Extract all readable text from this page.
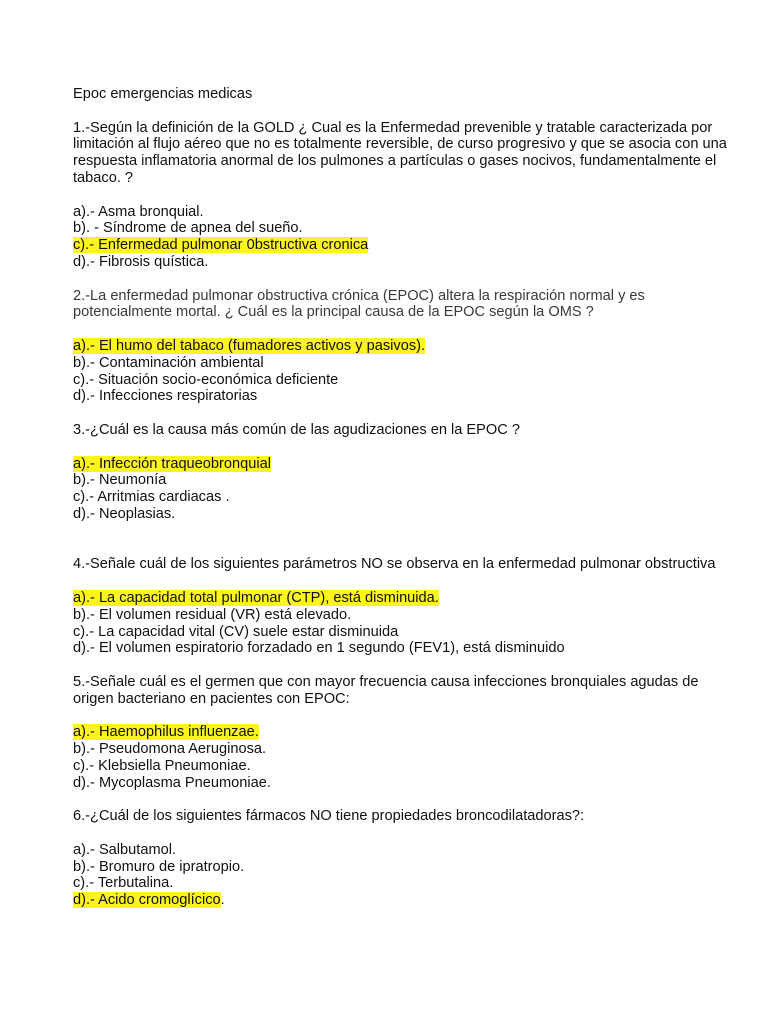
Epoc emergencias medicas

1.-Según la definición de la GOLD ¿ Cual es la Enfermedad prevenible y tratable caracterizada por limitación al flujo aéreo que no es totalmente reversible, de curso progresivo y que se asocia con una respuesta inflamatoria anormal de los pulmones a partículas o gases nocivos, fundamentalmente el tabaco. ?

a).- Asma bronquial.
b). - Síndrome de apnea del sueño.
c).- Enfermedad pulmonar 0bstructiva cronica
d).- Fibrosis quística.

2.-La enfermedad pulmonar obstructiva crónica (EPOC) altera la respiración normal y es potencialmente mortal. ¿ Cuál es la principal causa de la EPOC según la OMS ?

a).- El humo del tabaco (fumadores activos y pasivos).
b).- Contaminación ambiental
c).- Situación socio-económica deficiente
d).- Infecciones respiratorias

3.-¿Cuál es la causa más común de las agudizaciones en la EPOC ?

a).- Infección traqueobronquial
b).- Neumonía
c).- Arritmias cardiacas .
d).- Neoplasias.

4.-Señale cuál de los siguientes parámetros NO se observa en la enfermedad pulmonar obstructiva

a).- La capacidad total pulmonar (CTP), está disminuida.
b).- El volumen residual (VR) está elevado.
c).- La capacidad vital (CV) suele estar disminuida
d).- El volumen espiratorio forzadado en 1 segundo (FEV1), está disminuido

5.-Señale cuál es el germen que con mayor frecuencia causa infecciones bronquiales agudas de origen bacteriano en pacientes con EPOC:

a).- Haemophilus influenzae.
b).- Pseudomona Aeruginosa.
c).- Klebsiella Pneumoniae.
d).- Mycoplasma Pneumoniae.

6.-¿Cuál de los siguientes fármacos NO tiene propiedades broncodilatadoras?:

a).- Salbutamol.
b).- Bromuro de ipratropio.
c).- Terbutalina.
d).- Acido cromoglícico.
